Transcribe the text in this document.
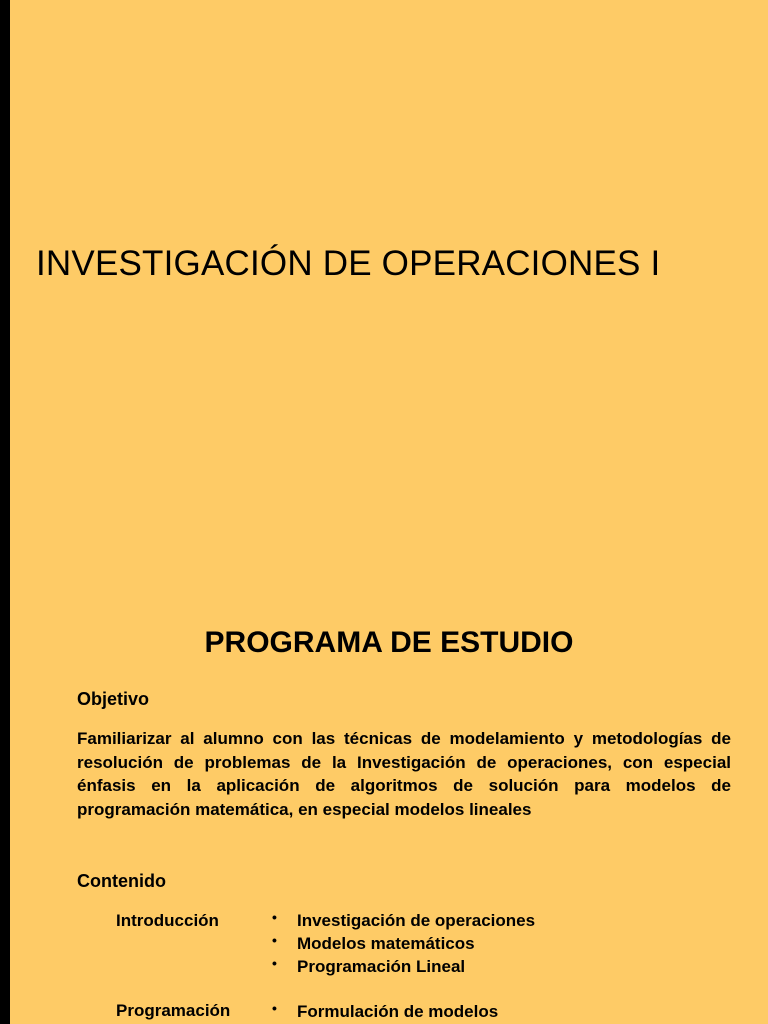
INVESTIGACIÓN DE OPERACIONES I
PROGRAMA DE ESTUDIO
Objetivo
Familiarizar al alumno con las técnicas de modelamiento y metodologías de resolución de problemas de la Investigación de operaciones, con especial énfasis en la aplicación de algoritmos de solución para modelos de programación matemática, en especial modelos lineales
Contenido
Introducción	• Investigación de operaciones
• Modelos matemáticos
• Programación Lineal
Programación	• Formulación de modelos
